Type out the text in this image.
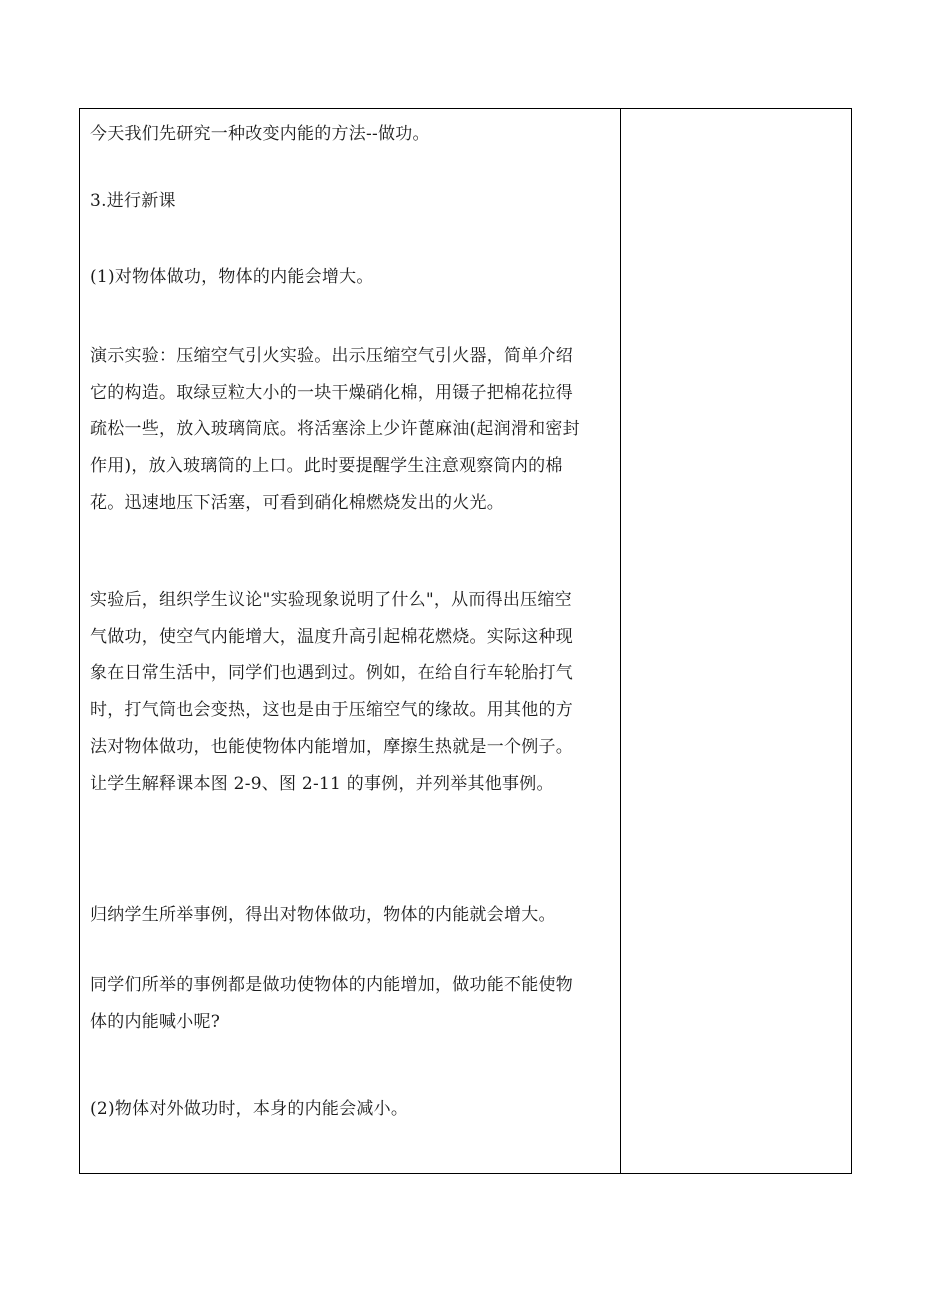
今天我们先研究一种改变内能的方法--做功。

3.进行新课

(1)对物体做功，物体的内能会增大。

演示实验：压缩空气引火实验。出示压缩空气引火器，简单介绍
它的构造。取绿豆粒大小的一块干燥硝化棉，用镊子把棉花拉得
疏松一些，放入玻璃筒底。将活塞涂上少许蓖麻油(起润滑和密封
作用)，放入玻璃筒的上口。此时要提醒学生注意观察筒内的棉
花。迅速地压下活塞，可看到硝化棉燃烧发出的火光。

实验后，组织学生议论"实验现象说明了什么"，从而得出压缩空
气做功，使空气内能增大，温度升高引起棉花燃烧。实际这种现
象在日常生活中，同学们也遇到过。例如，在给自行车轮胎打气
时，打气筒也会变热，这也是由于压缩空气的缘故。用其他的方
法对物体做功，也能使物体内能增加，摩擦生热就是一个例子。
让学生解释课本图 2-9、图 2-11 的事例，并列举其他事例。

归纳学生所举事例，得出对物体做功，物体的内能就会增大。

同学们所举的事例都是做功使物体的内能增加，做功能不能使物
体的内能喊小呢?

(2)物体对外做功时，本身的内能会减小。
